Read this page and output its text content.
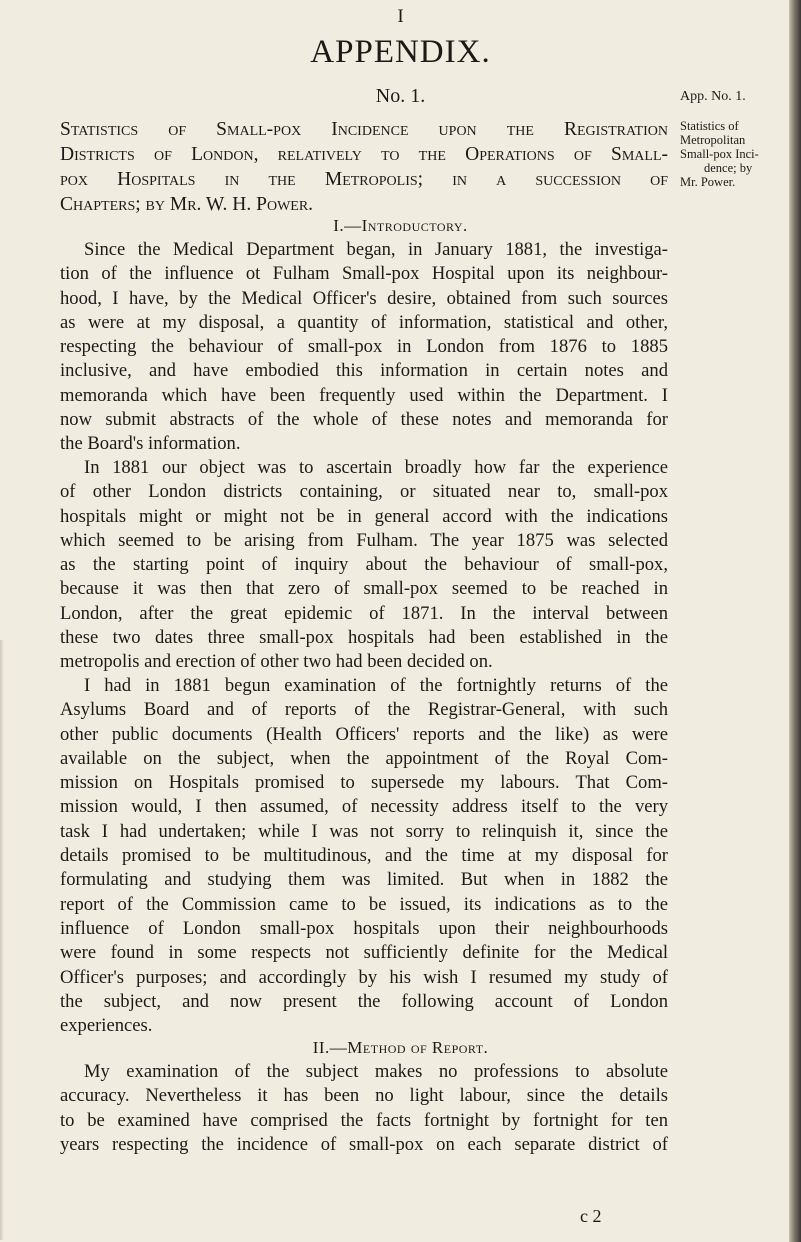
I
APPENDIX.
No. 1.	App. No. 1.
Statistics of Small-pox Incidence upon the Registration
Districts of London, relatively to the Operations of Small-
pox Hospitals in the Metropolis; in a succession of
Chapters; by Mr. W. H. Power.
Statistics of
Metropolitan
Small-pox Inci-
dence; by
Mr. Power.
I.—Introductory.
Since the Medical Department began, in January 1881, the investiga-
tion of the influence ot Fulham Small-pox Hospital upon its neighbour-
hood, I have, by the Medical Officer's desire, obtained from such sources
as were at my disposal, a quantity of information, statistical and other,
respecting the behaviour of small-pox in London from 1876 to 1885
inclusive, and have embodied this information in certain notes and
memoranda which have been frequently used within the Department. I
now submit abstracts of the whole of these notes and memoranda for
the Board's information.
In 1881 our object was to ascertain broadly how far the experience
of other London districts containing, or situated near to, small-pox
hospitals might or might not be in general accord with the indications
which seemed to be arising from Fulham. The year 1875 was selected
as the starting point of inquiry about the behaviour of small-pox,
because it was then that zero of small-pox seemed to be reached in
London, after the great epidemic of 1871. In the interval between
these two dates three small-pox hospitals had been established in the
metropolis and erection of other two had been decided on.
I had in 1881 begun examination of the fortnightly returns of the
Asylums Board and of reports of the Registrar-General, with such
other public documents (Health Officers' reports and the like) as were
available on the subject, when the appointment of the Royal Com-
mission on Hospitals promised to supersede my labours. That Com-
mission would, I then assumed, of necessity address itself to the very
task I had undertaken; while I was not sorry to relinquish it, since the
details promised to be multitudinous, and the time at my disposal for
formulating and studying them was limited. But when in 1882 the
report of the Commission came to be issued, its indications as to the
influence of London small-pox hospitals upon their neighbourhoods
were found in some respects not sufficiently definite for the Medical
Officer's purposes; and accordingly by his wish I resumed my study of
the subject, and now present the following account of London
experiences.
II.—Method of Report.
My examination of the subject makes no professions to absolute
accuracy. Nevertheless it has been no light labour, since the details
to be examined have comprised the facts fortnight by fortnight for ten
years respecting the incidence of small-pox on each separate district of
c 2
